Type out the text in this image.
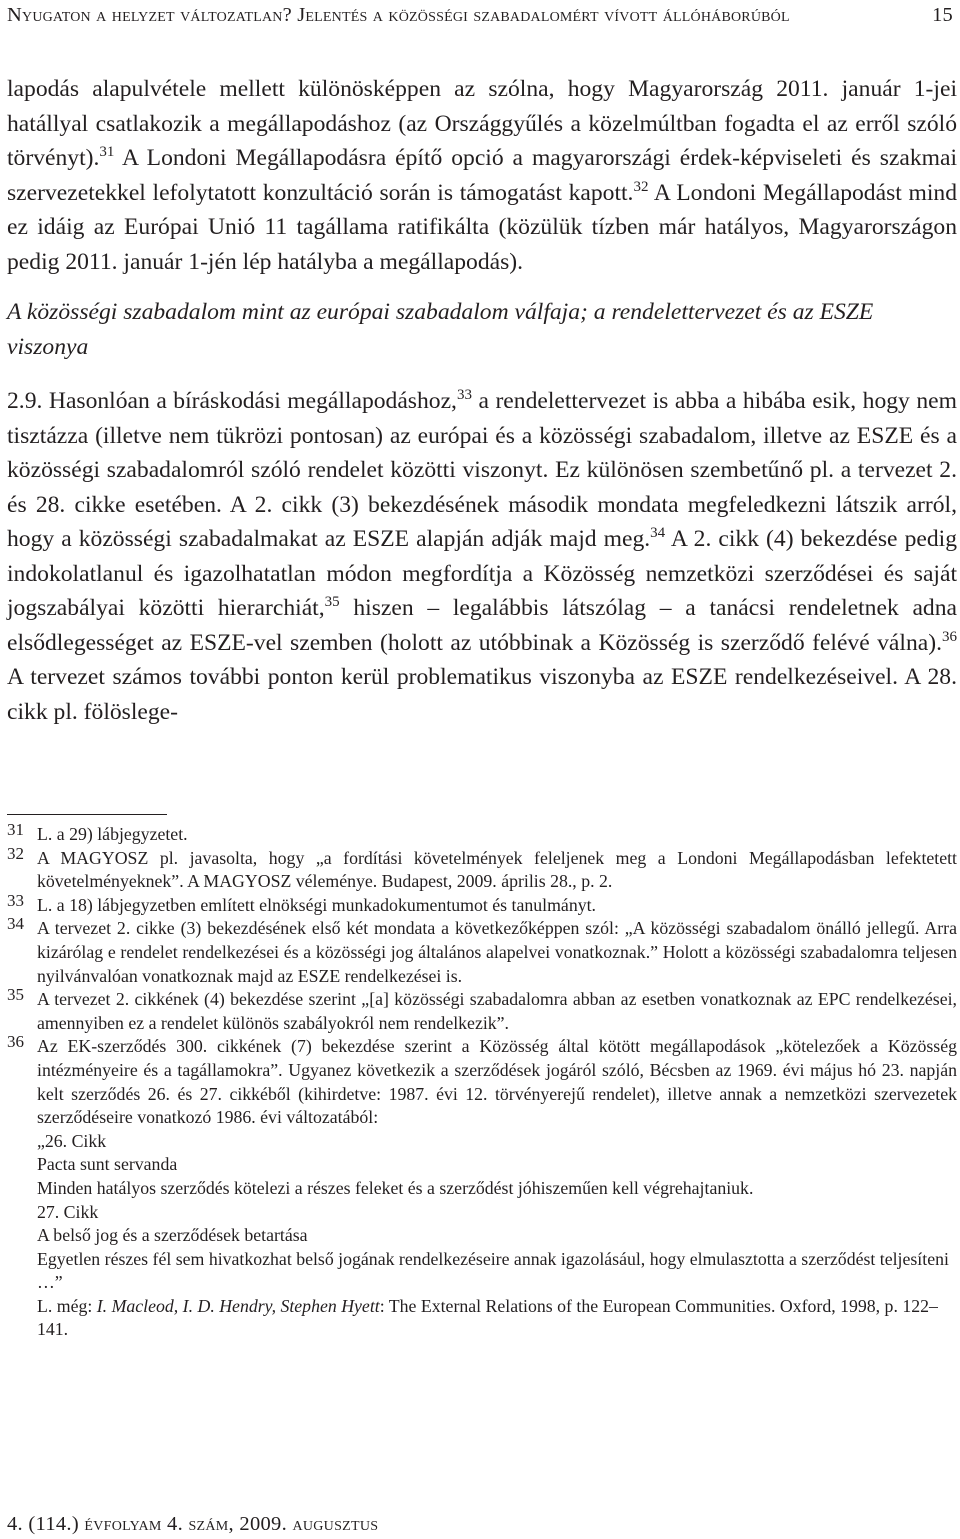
Nyugaton a helyzet változatlan? Jelentés a közösségi szabadalomért vívott állóháborúból	15

lapodás alapulvétele mellett különösképpen az szólna, hogy Magyarország 2011. január 1-jei hatállyal csatlakozik a megállapodáshoz (az Országgyűlés a közelmúltban fogadta el az erről szóló törvényt).$^{31}$ A Londoni Megállapodásra építő opció a magyarországi érdek-képviseleti és szakmai szervezetekkel lefolytatott konzultáció során is támogatást kapott.$^{32}$ A Londoni Megállapodást mind ez idáig az Európai Unió 11 tagállama ratifikálta (közülük tízben már hatályos, Magyarországon pedig 2011. január 1-jén lép hatályba a megállapodás).

A közösségi szabadalom mint az európai szabadalom válfaja; a rendelettervezet és az ESZE viszonya

2.9. Hasonlóan a bíráskodási megállapodáshoz,$^{33}$ a rendelettervezet is abba a hibába esik, hogy nem tisztázza (illetve nem tükrözi pontosan) az európai és a közösségi szabadalom, illetve az ESZE és a közösségi szabadalomról szóló rendelet közötti viszonyt. Ez különösen szembetűnő pl. a tervezet 2. és 28. cikke esetében. A 2. cikk (3) bekezdésének második mondata megfeledkezni látszik arról, hogy a közösségi szabadalmakat az ESZE alapján adják majd meg.$^{34}$ A 2. cikk (4) bekezdése pedig indokolatlanul és igazolhatatlan módon megfordítja a Közösség nemzetközi szerződései és saját jogszabályai közötti hierarchiát,$^{35}$ hiszen – legalábbis látszólag – a tanácsi rendeletnek adna elsődlegességet az ESZE-vel szemben (holott az utóbbinak a Közösség is szerződő felévé válna).$^{36}$ A tervezet számos további ponton kerül problematikus viszonyba az ESZE rendelkezéseivel. A 28. cikk pl. fölöslege-

31 L. a 29) lábjegyzetet.
32 A MAGYOSZ pl. javasolta, hogy „a fordítási követelmények feleljenek meg a Londoni Megállapodásban lefektetett követelményeknek”. A MAGYOSZ véleménye. Budapest, 2009. április 28., p. 2.
33 L. a 18) lábjegyzetben említett elnökségi munkadokumentumot és tanulmányt.
34 A tervezet 2. cikke (3) bekezdésének első két mondata a következőképpen szól: „A közösségi szabadalom önálló jellegű. Arra kizárólag e rendelet rendelkezései és a közösségi jog általános alapelvei vonatkoznak.” Holott a közösségi szabadalomra teljesen nyilvánvalóan vonatkoznak majd az ESZE rendelkezései is.
35 A tervezet 2. cikkének (4) bekezdése szerint „[a] közösségi szabadalomra abban az esetben vonatkoznak az EPC rendelkezései, amennyiben ez a rendelet különös szabályokról nem rendelkezik”.
36 Az EK-szerződés 300. cikkének (7) bekezdése szerint a Közösség által kötött megállapodások „kötelezőek a Közösség intézményeire és a tagállamokra”. Ugyanez következik a szerződések jogáról szóló, Bécsben az 1969. évi május hó 23. napján kelt szerződés 26. és 27. cikkéből (kihirdetve: 1987. évi 12. törvényerejű rendelet), illetve annak a nemzetközi szervezetek szerződéseire vonatkozó 1986. évi változatából:
„26. Cikk
Pacta sunt servanda
Minden hatályos szerződés kötelezi a részes feleket és a szerződést jóhiszeműen kell végrehajtaniuk.
27. Cikk
A belső jog és a szerződések betartása
Egyetlen részes fél sem hivatkozhat belső jogának rendelkezéseire annak igazolásául, hogy elmulasztotta a szerződést teljesíteni …”
L. még: I. Macleod, I. D. Hendry, Stephen Hyett: The External Relations of the European Communities. Oxford, 1998, p. 122–141.
4. (114.) évfolyam 4. szám, 2009. augusztus
